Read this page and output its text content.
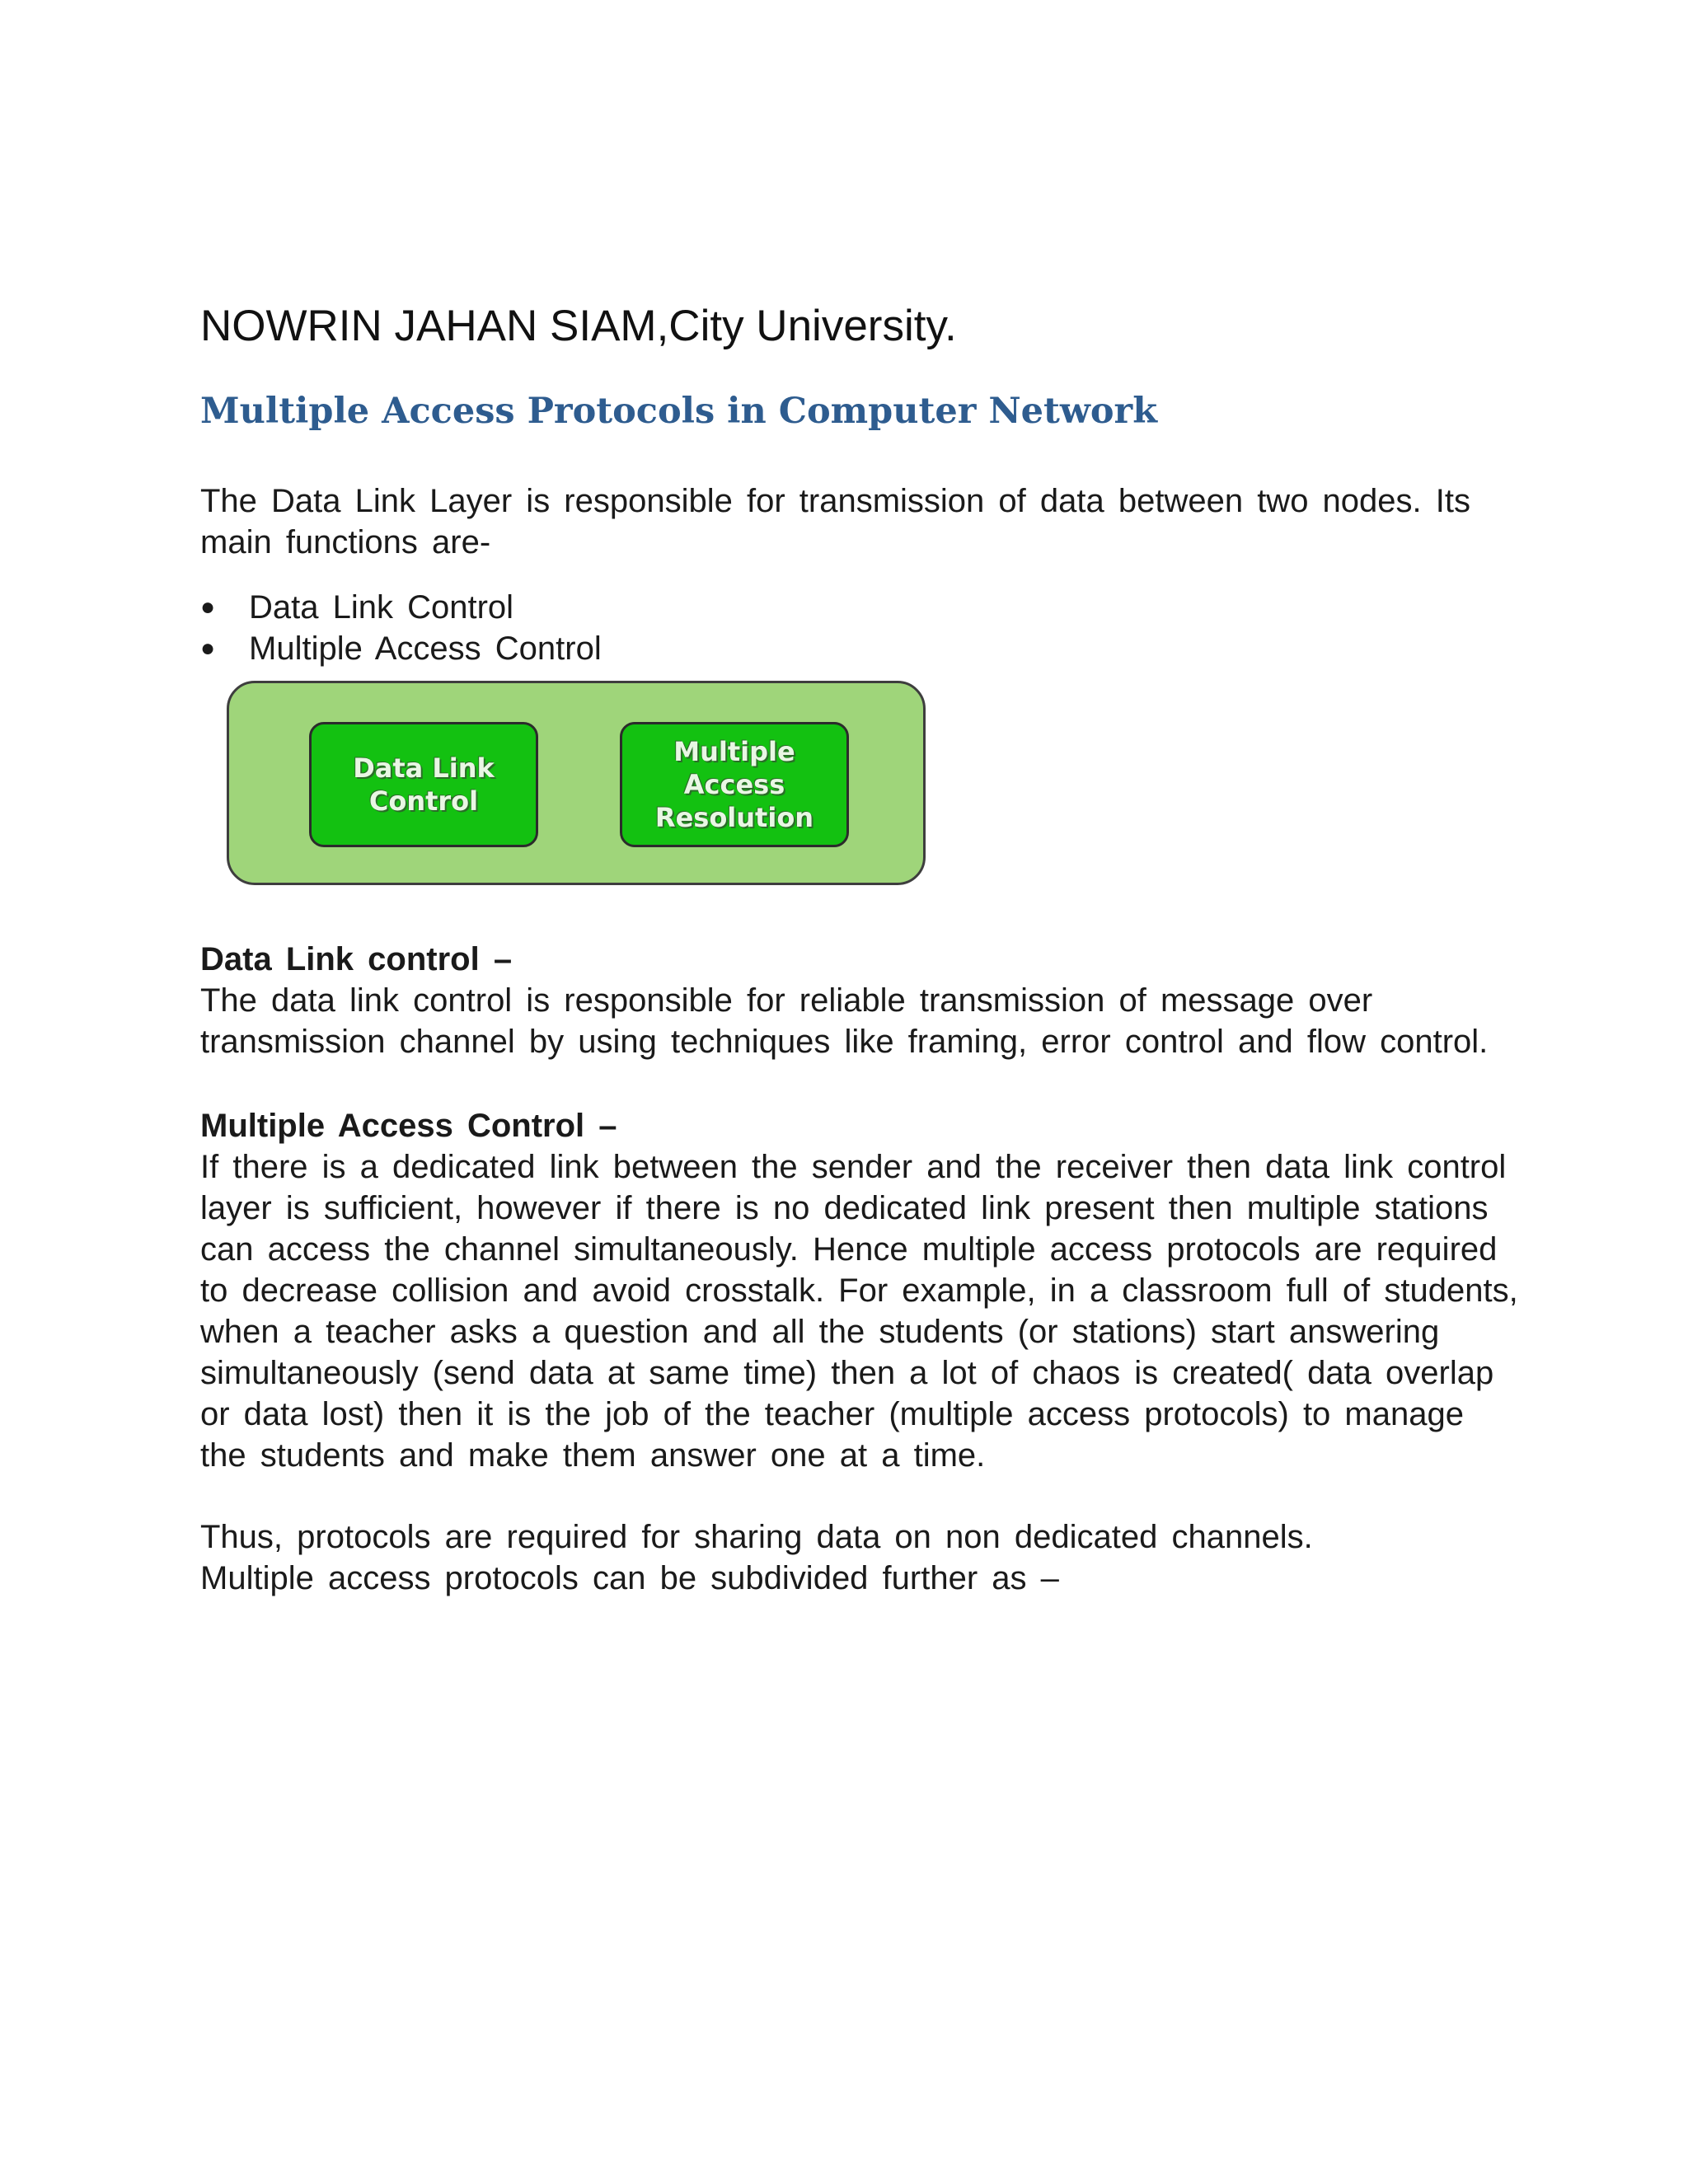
NOWRIN JAHAN SIAM,City University.
Multiple Access Protocols in Computer Network

The Data Link Layer is responsible for transmission of data between two nodes. Its main functions are-

● Data Link Control
● Multiple Access Control
Data Link
Control
Multiple
Access
Resolution
Data Link control –
The data link control is responsible for reliable transmission of message over transmission channel by using techniques like framing, error control and flow control.
Multiple Access Control –
If there is a dedicated link between the sender and the receiver then data link control layer is sufficient, however if there is no dedicated link present then multiple stations can access the channel simultaneously. Hence multiple access protocols are required to decrease collision and avoid crosstalk. For example, in a classroom full of students, when a teacher asks a question and all the students (or stations) start answering simultaneously (send data at same time) then a lot of chaos is created( data overlap or data lost) then it is the job of the teacher (multiple access protocols) to manage the students and make them answer one at a time.
Thus, protocols are required for sharing data on non dedicated channels.
Multiple access protocols can be subdivided further as –
